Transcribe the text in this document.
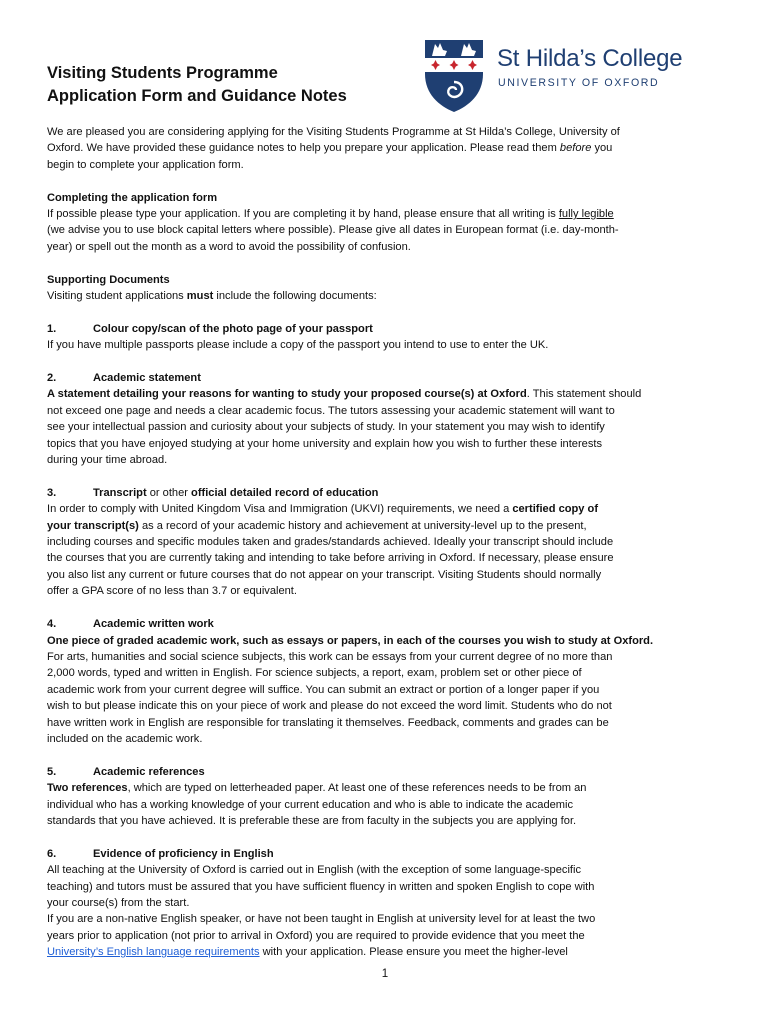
Visiting Students Programme
Application Form and Guidance Notes
St Hilda’s College
UNIVERSITY OF OXFORD
We are pleased you are considering applying for the Visiting Students Programme at St Hilda’s College, University of
Oxford. We have provided these guidance notes to help you prepare your application. Please read them before you
begin to complete your application form.
Completing the application form
If possible please type your application. If you are completing it by hand, please ensure that all writing is fully legible
(we advise you to use block capital letters where possible). Please give all dates in European format (i.e. day-month-
year) or spell out the month as a word to avoid the possibility of confusion.
Supporting Documents
Visiting student applications must include the following documents:
1.	Colour copy/scan of the photo page of your passport
If you have multiple passports please include a copy of the passport you intend to use to enter the UK.
2.	Academic statement
A statement detailing your reasons for wanting to study your proposed course(s) at Oxford. This statement should
not exceed one page and needs a clear academic focus. The tutors assessing your academic statement will want to
see your intellectual passion and curiosity about your subjects of study. In your statement you may wish to identify
topics that you have enjoyed studying at your home university and explain how you wish to further these interests
during your time abroad.
3.	Transcript or other official detailed record of education
In order to comply with United Kingdom Visa and Immigration (UKVI) requirements, we need a certified copy of
your transcript(s) as a record of your academic history and achievement at university-level up to the present,
including courses and specific modules taken and grades/standards achieved. Ideally your transcript should include
the courses that you are currently taking and intending to take before arriving in Oxford. If necessary, please ensure
you also list any current or future courses that do not appear on your transcript. Visiting Students should normally
offer a GPA score of no less than 3.7 or equivalent.
4.	Academic written work
One piece of graded academic work, such as essays or papers, in each of the courses you wish to study at Oxford.
For arts, humanities and social science subjects, this work can be essays from your current degree of no more than
2,000 words, typed and written in English. For science subjects, a report, exam, problem set or other piece of
academic work from your current degree will suffice. You can submit an extract or portion of a longer paper if you
wish to but please indicate this on your piece of work and please do not exceed the word limit. Students who do not
have written work in English are responsible for translating it themselves. Feedback, comments and grades can be
included on the academic work.
5.	Academic references
Two references, which are typed on letterheaded paper. At least one of these references needs to be from an
individual who has a working knowledge of your current education and who is able to indicate the academic
standards that you have achieved. It is preferable these are from faculty in the subjects you are applying for.
6.	Evidence of proficiency in English
All teaching at the University of Oxford is carried out in English (with the exception of some language-specific
teaching) and tutors must be assured that you have sufficient fluency in written and spoken English to cope with
your course(s) from the start.
If you are a non-native English speaker, or have not been taught in English at university level for at least the two
years prior to application (not prior to arrival in Oxford) you are required to provide evidence that you meet the
University’s English language requirements with your application. Please ensure you meet the higher-level
1
